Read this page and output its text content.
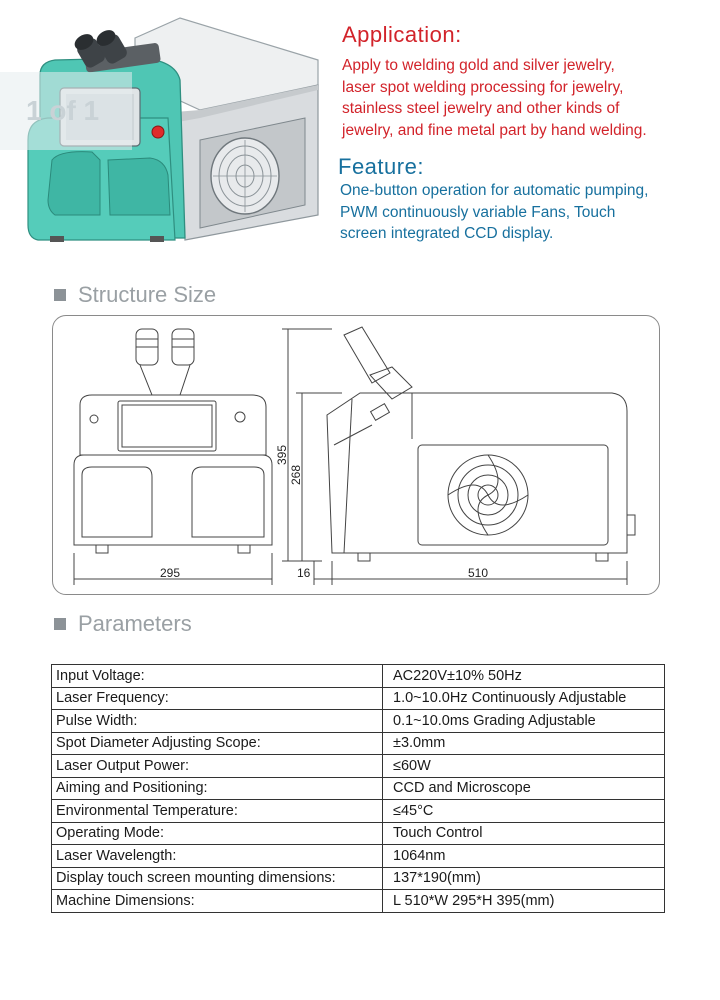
1 of 1
Application:
Apply to welding gold and silver jewelry,
laser spot welding processing for jewelry,
stainless steel jewelry and other kinds of
jewelry, and fine metal part by hand welding.
Feature:
One-button operation for automatic pumping,
PWM continuously variable Fans, Touch
screen integrated CCD display.
Structure Size
295
395
268
16	510
Parameters
Input Voltage:	AC220V±10% 50Hz
Laser Frequency:	1.0~10.0Hz Continuously Adjustable
Pulse Width:	0.1~10.0ms Grading Adjustable
Spot Diameter Adjusting Scope:	±3.0mm
Laser Output Power:	≤60W
Aiming and Positioning:	CCD and Microscope
Environmental Temperature:	≤45°C
Operating Mode:	Touch Control
Laser Wavelength:	1064nm
Display touch screen mounting dimensions:	137*190(mm)
Machine Dimensions:	L 510*W 295*H 395(mm)
